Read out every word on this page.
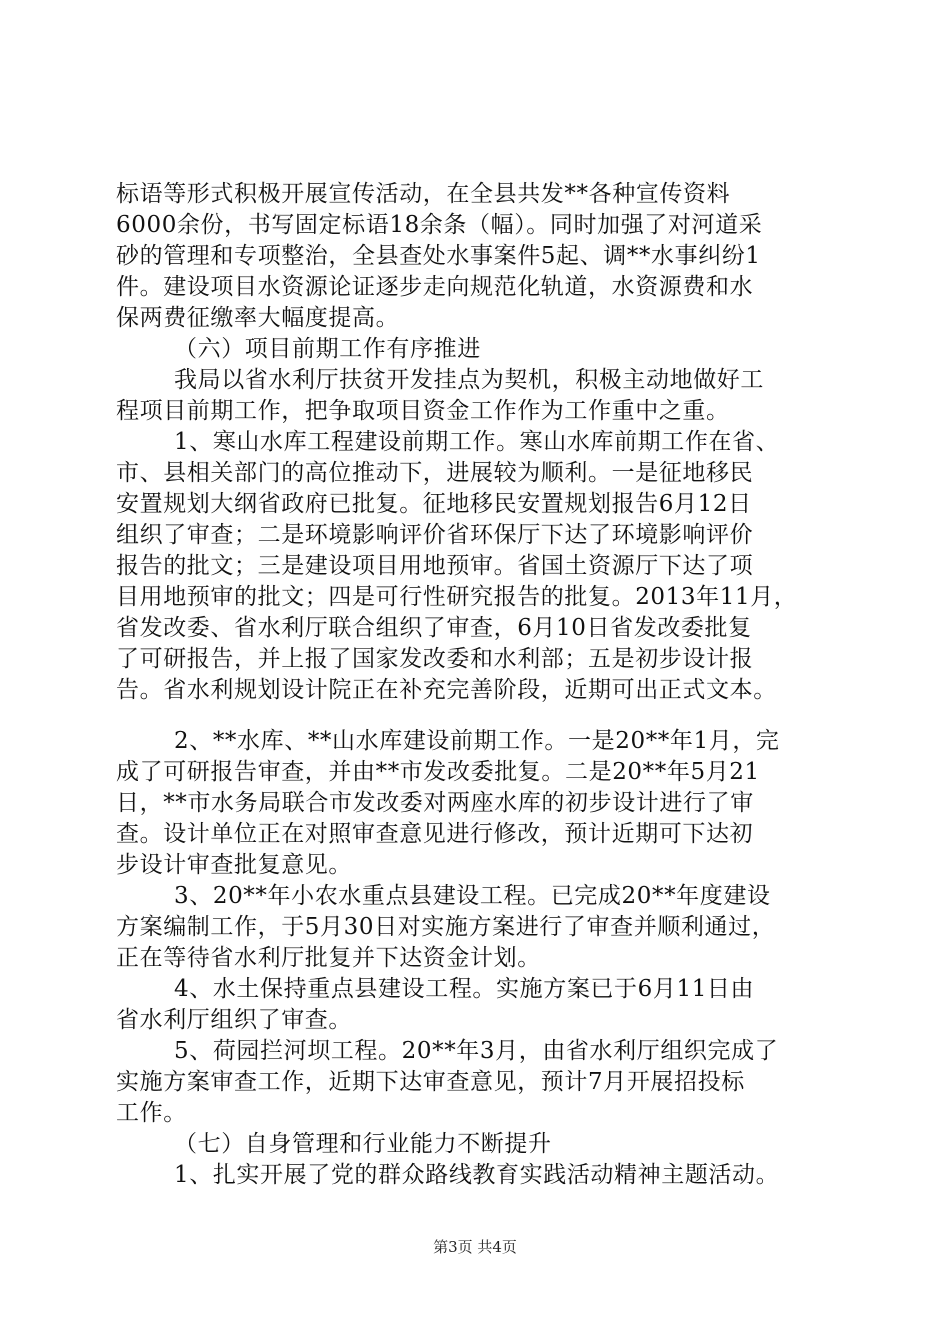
标语等形式积极开展宣传活动，在全县共发**各种宣传资料
6000余份，书写固定标语18余条（幅）。同时加强了对河道采
砂的管理和专项整治，全县查处水事案件5起、调**水事纠纷1
件。建设项目水资源论证逐步走向规范化轨道，水资源费和水
保两费征缴率大幅度提高。
（六）项目前期工作有序推进
我局以省水利厅扶贫开发挂点为契机，积极主动地做好工
程项目前期工作，把争取项目资金工作作为工作重中之重。
1、寒山水库工程建设前期工作。寒山水库前期工作在省、
市、县相关部门的高位推动下，进展较为顺利。一是征地移民
安置规划大纲省政府已批复。征地移民安置规划报告6月12日
组织了审查；二是环境影响评价省环保厅下达了环境影响评价
报告的批文；三是建设项目用地预审。省国土资源厅下达了项
目用地预审的批文；四是可行性研究报告的批复。2013年11月，
省发改委、省水利厅联合组织了审查，6月10日省发改委批复
了可研报告，并上报了国家发改委和水利部；五是初步设计报
告。省水利规划设计院正在补充完善阶段，近期可出正式文本。
2、**水库、**山水库建设前期工作。一是20**年1月，完
成了可研报告审查，并由**市发改委批复。二是20**年5月21
日，**市水务局联合市发改委对两座水库的初步设计进行了审
查。设计单位正在对照审查意见进行修改，预计近期可下达初
步设计审查批复意见。
3、20**年小农水重点县建设工程。已完成20**年度建设
方案编制工作，于5月30日对实施方案进行了审查并顺利通过，
正在等待省水利厅批复并下达资金计划。
4、水土保持重点县建设工程。实施方案已于6月11日由
省水利厅组织了审查。
5、荷园拦河坝工程。20**年3月，由省水利厅组织完成了
实施方案审查工作，近期下达审查意见，预计7月开展招投标
工作。
（七）自身管理和行业能力不断提升
1、扎实开展了党的群众路线教育实践活动精神主题活动。
第3页 共4页
